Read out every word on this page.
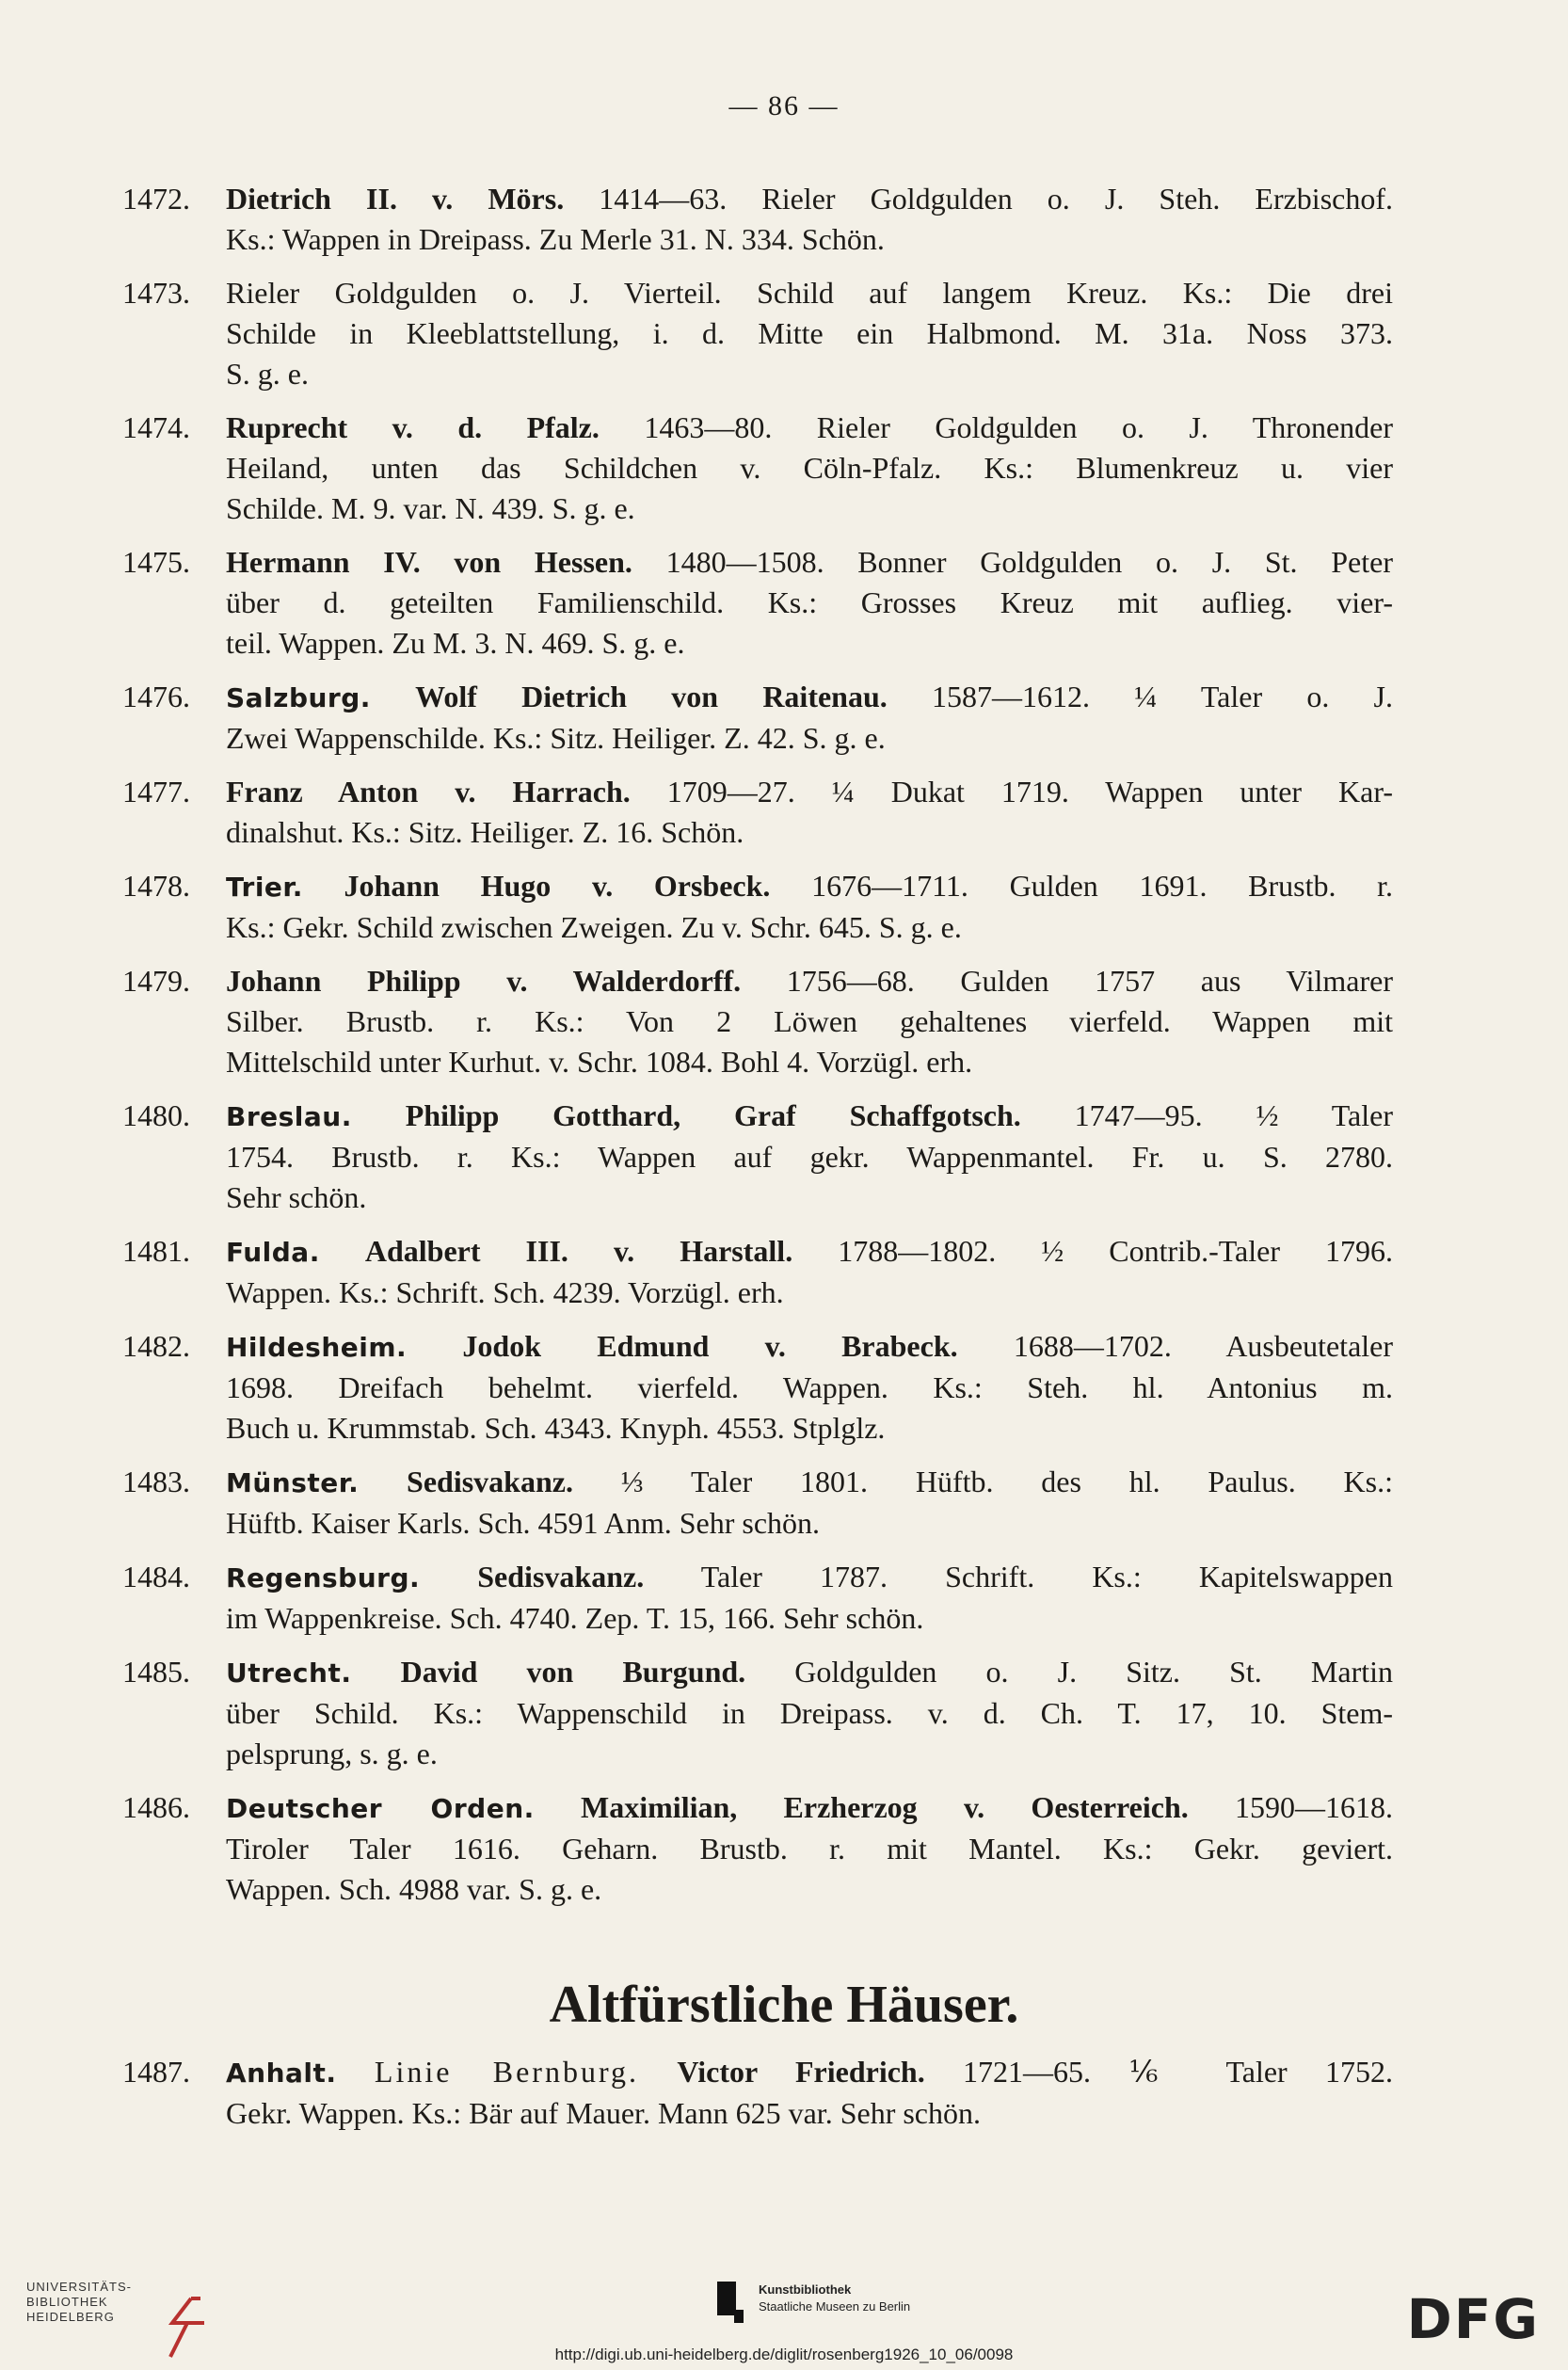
— 86 —
1472.	Dietrich II. v. Mörs. 1414—63. Rieler Goldgulden o. J. Steh. Erzbischof.
Ks.: Wappen in Dreipass. Zu Merle 31. N. 334. Schön.
1473.	Rieler Goldgulden o. J. Vierteil. Schild auf langem Kreuz. Ks.: Die drei
Schilde in Kleeblattstellung, i. d. Mitte ein Halbmond. M. 31a. Noss 373.
S. g. e.
1474.	Ruprecht v. d. Pfalz. 1463—80. Rieler Goldgulden o. J. Thronender
Heiland, unten das Schildchen v. Cöln-Pfalz. Ks.: Blumenkreuz u. vier
Schilde. M. 9. var. N. 439. S. g. e.
1475.	Hermann IV. von Hessen. 1480—1508. Bonner Goldgulden o. J. St. Peter
über d. geteilten Familienschild. Ks.: Grosses Kreuz mit auflieg. vier-
teil. Wappen. Zu M. 3. N. 469. S. g. e.
1476.	Salzburg. Wolf Dietrich von Raitenau. 1587—1612. ¼ Taler o. J.
Zwei Wappenschilde. Ks.: Sitz. Heiliger. Z. 42. S. g. e.
1477.	Franz Anton v. Harrach. 1709—27. ¼ Dukat 1719. Wappen unter Kar-
dinalshut. Ks.: Sitz. Heiliger. Z. 16. Schön.
1478.	Trier. Johann Hugo v. Orsbeck. 1676—1711. Gulden 1691. Brustb. r.
Ks.: Gekr. Schild zwischen Zweigen. Zu v. Schr. 645. S. g. e.
1479.	Johann Philipp v. Walderdorff. 1756—68. Gulden 1757 aus Vilmarer
Silber. Brustb. r. Ks.: Von 2 Löwen gehaltenes vierfeld. Wappen mit
Mittelschild unter Kurhut. v. Schr. 1084. Bohl 4. Vorzügl. erh.
1480.	Breslau. Philipp Gotthard, Graf Schaffgotsch. 1747—95. ½ Taler
1754. Brustb. r. Ks.: Wappen auf gekr. Wappenmantel. Fr. u. S. 2780.
Sehr schön.
1481.	Fulda. Adalbert III. v. Harstall. 1788—1802. ½ Contrib.-Taler 1796.
Wappen. Ks.: Schrift. Sch. 4239. Vorzügl. erh.
1482.	Hildesheim. Jodok Edmund v. Brabeck. 1688—1702. Ausbeutetaler
1698. Dreifach behelmt. vierfeld. Wappen. Ks.: Steh. hl. Antonius m.
Buch u. Krummstab. Sch. 4343. Knyph. 4553. Stplglz.
1483.	Münster. Sedisvakanz. ⅓ Taler 1801. Hüftb. des hl. Paulus. Ks.:
Hüftb. Kaiser Karls. Sch. 4591 Anm. Sehr schön.
1484.	Regensburg. Sedisvakanz. Taler 1787. Schrift. Ks.: Kapitelswappen
im Wappenkreise. Sch. 4740. Zep. T. 15, 166. Sehr schön.
1485.	Utrecht. David von Burgund. Goldgulden o. J. Sitz. St. Martin
über Schild. Ks.: Wappenschild in Dreipass. v. d. Ch. T. 17, 10. Stem-
pelsprung, s. g. e.
1486.	Deutscher Orden. Maximilian, Erzherzog v. Oesterreich. 1590—1618.
Tiroler Taler 1616. Geharn. Brustb. r. mit Mantel. Ks.: Gekr. geviert.
Wappen. Sch. 4988 var. S. g. e.
Altfürstliche Häuser.
1487.	Anhalt. Linie Bernburg. Victor Friedrich. 1721—65. ⅙ Taler 1752.
Gekr. Wappen. Ks.: Bär auf Mauer. Mann 625 var. Sehr schön.
UNIVERSITÄTS-
BIBLIOTHEK
HEIDELBERG
Kunstbibliothek
Staatliche Museen zu Berlin	DFG
http://digi.ub.uni-heidelberg.de/diglit/rosenberg1926_10_06/0098
